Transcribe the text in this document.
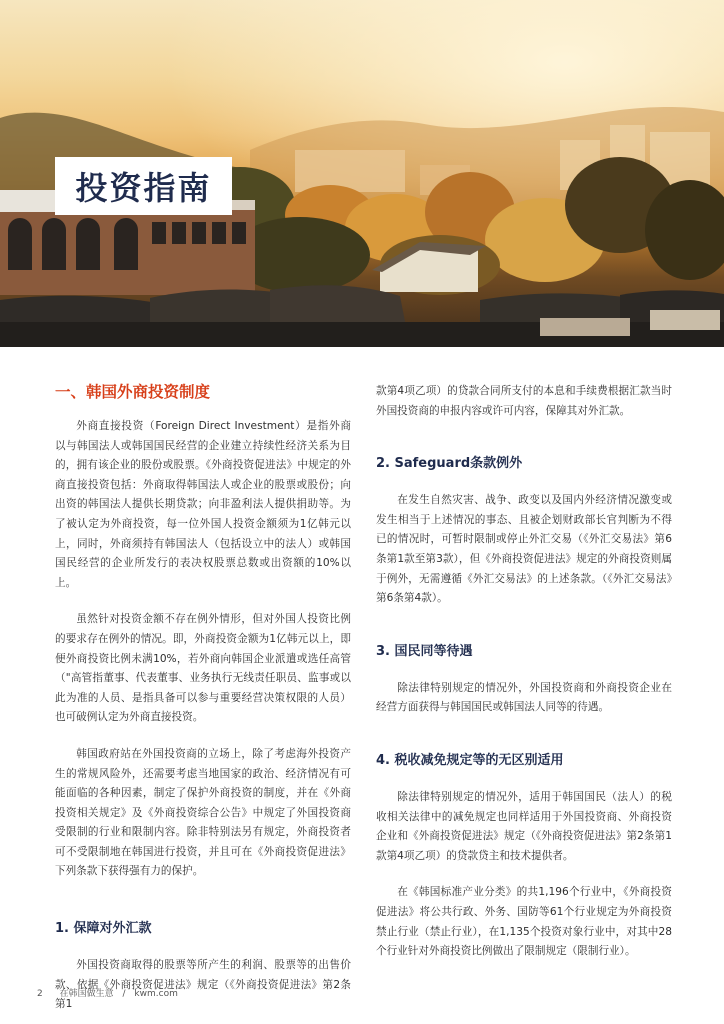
投资指南
一、韩国外商投资制度

外商直接投资（Foreign Direct Investment）是指外商以与韩国法人或韩国国民经营的企业建立持续性经济关系为目的，拥有该企业的股份或股票。《外商投资促进法》中规定的外商直接投资包括：外商取得韩国法人或企业的股票或股份；向出资的韩国法人提供长期贷款；向非盈利法人提供捐助等。为了被认定为外商投资，每一位外国人投资金额须为1亿韩元以上，同时，外商须持有韩国法人（包括设立中的法人）或韩国国民经营的企业所发行的表决权股票总数或出资额的10%以上。

虽然针对投资金额不存在例外情形，但对外国人投资比例的要求存在例外的情况。即，外商投资金额为1亿韩元以上，即便外商投资比例未满10%，若外商向韩国企业派遣或选任高管（"高管指董事、代表董事、业务执行无线责任职员、监事或以此为准的人员、是指具备可以参与重要经营决策权限的人员）也可破例认定为外商直接投资。

韩国政府站在外国投资商的立场上，除了考虑海外投资产生的常规风险外，还需要考虑当地国家的政治、经济情况有可能面临的各种因素，制定了保护外商投资的制度，并在《外商投资相关规定》及《外商投资综合公告》中规定了外国投资商受限制的行业和限制内容。除非特别法另有规定，外商投资者可不受限制地在韩国进行投资，并且可在《外商投资促进法》下列条款下获得强有力的保护。

1. 保障对外汇款

外国投资商取得的股票等所产生的利润、股票等的出售价款、依据《外商投资促进法》规定（《外商投资促进法》第2条第1

款第4项乙项）的贷款合同所支付的本息和手续费根据汇款当时外国投资商的申报内容或许可内容，保障其对外汇款。

2. Safeguard条款例外

在发生自然灾害、战争、政变以及国内外经济情况激变或发生相当于上述情况的事态、且被企划财政部长官判断为不得已的情况时，可暂时限制或停止外汇交易（《外汇交易法》第6条第1款至第3款），但《外商投资促进法》规定的外商投资则属于例外，无需遵循《外汇交易法》的上述条款。（《外汇交易法》第6条第4款）。

3. 国民同等待遇

除法律特别规定的情况外，外国投资商和外商投资企业在经营方面获得与韩国国民或韩国法人同等的待遇。

4. 税收减免规定等的无区别适用

除法律特别规定的情况外，适用于韩国国民（法人）的税收相关法律中的减免规定也同样适用于外国投资商、外商投资企业和《外商投资促进法》规定（《外商投资促进法》第2条第1款第4项乙项）的贷款贷主和技术提供者。

在《韩国标准产业分类》的共1,196个行业中，《外商投资促进法》将公共行政、外务、国防等61个行业规定为外商投资禁止行业（禁止行业），在1,135个投资对象行业中，对其中28个行业针对外商投资比例做出了限制规定（限制行业）。

2 在韩国做生意 / kwm.com
